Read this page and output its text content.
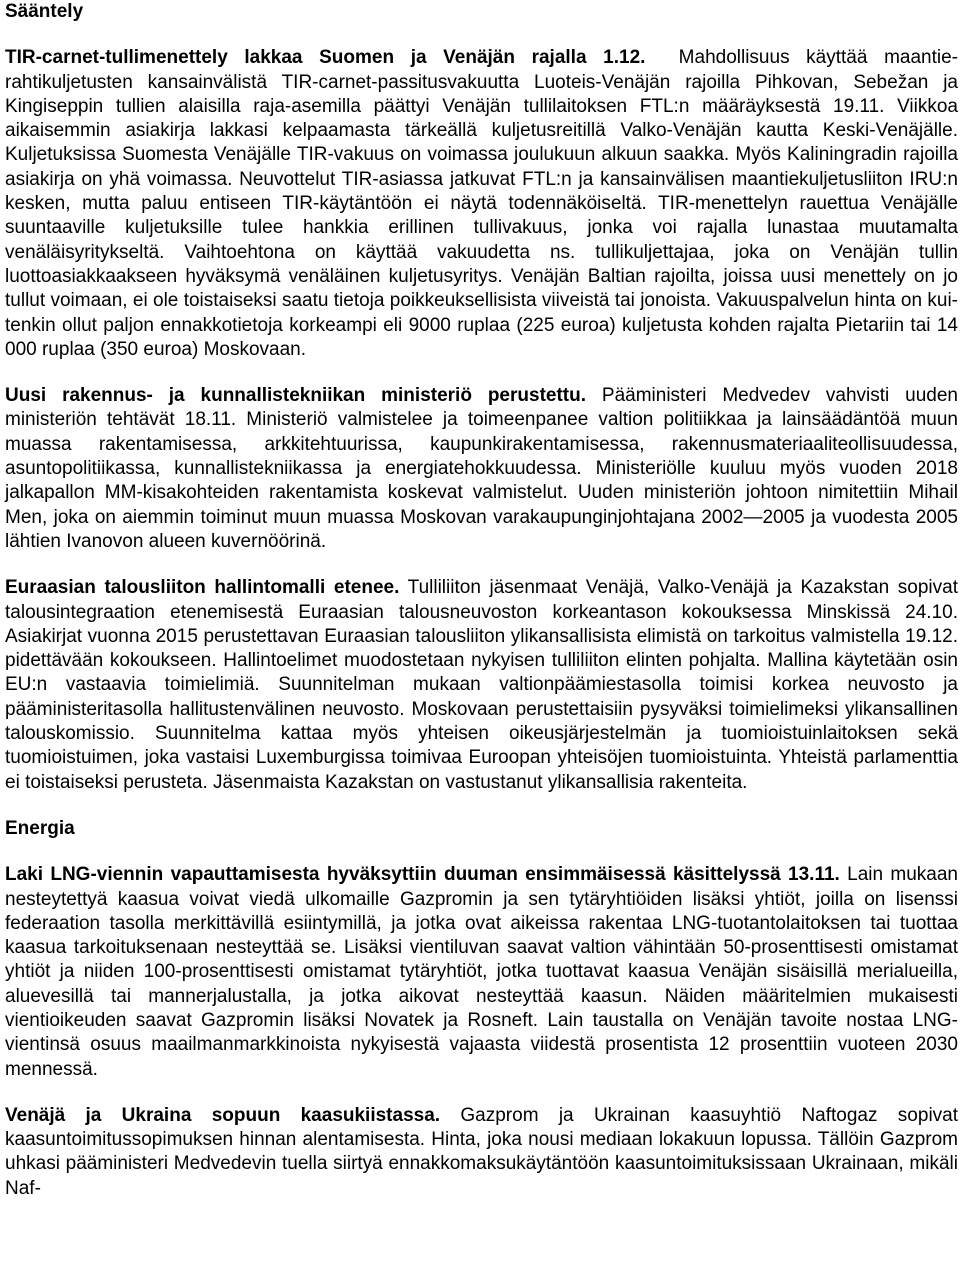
Sääntely

TIR-carnet-tullimenettely lakkaa Suomen ja Venäjän rajalla 1.12. Mahdollisuus käyttää maantierahtikuljetusten kansainvälistä TIR-carnet-passitusvakuutta Luoteis-Venäjän rajoilla Pihkovan, Sebežan ja Kingiseppin tullien alaisilla raja-asemilla päättyi Venäjän tullilaitoksen FTL:n määräyksestä 19.11. Viikkoa aikaisemmin asiakirja lakkasi kelpaamasta tärkeällä kuljetusreitillä Valko-Venäjän kautta Keski-Venäjälle. Kuljetuksissa Suomesta Venäjälle TIR-vakuus on voimassa joulukuun alkuun saakka. Myös Kaliningradin rajoilla asiakirja on yhä voimassa. Neuvottelut TIR-asiassa jatkuvat FTL:n ja kansainvälisen maantiekuljetusliiton IRU:n kesken, mutta paluu entiseen TIR-käytäntöön ei näytä todennäköiseltä. TIR-menettelyn rauettua Venäjälle suuntaaville kuljetuksille tulee hankkia erillinen tullivakuus, jonka voi rajalla lunastaa muutamalta venäläisyritykseltä. Vaihtoehtona on käyttää vakuudetta ns. tullikuljettajaa, joka on Venäjän tullin luottoasiakkaakseen hyväksymä venäläinen kuljetusyritys. Venäjän Baltian rajoilta, joissa uusi menettely on jo tullut voimaan, ei ole toistaiseksi saatu tietoja poikkeuksellisista viiveistä tai jonoista. Vakuuspalvelun hinta on kuitenkin ollut paljon ennakkotietoja korkeampi eli 9000 ruplaa (225 euroa) kuljetusta kohden rajalta Pietariin tai 14 000 ruplaa (350 euroa) Moskovaan.

Uusi rakennus- ja kunnallistekniikan ministeriö perustettu. Pääministeri Medvedev vahvisti uuden ministeriön tehtävät 18.11. Ministeriö valmistelee ja toimeenpanee valtion politiikkaa ja lainsäädäntöä muun muassa rakentamisessa, arkkitehtuurissa, kaupunkirakentamisessa, rakennusmateriaaliteollisuudessa, asuntopolitiikassa, kunnallistekniikassa ja energiatehokkuudessa. Ministeriölle kuuluu myös vuoden 2018 jalkapallon MM-kisakohteiden rakentamista koskevat valmistelut. Uuden ministeriön johtoon nimitettiin Mihail Men, joka on aiemmin toiminut muun muassa Moskovan varakaupunginjohtajana 2002—2005 ja vuodesta 2005 lähtien Ivanovon alueen kuvernöörinä.

Euraasian talousliiton hallintomalli etenee. Tulliliiton jäsenmaat Venäjä, Valko-Venäjä ja Kazakstan sopivat talousintegraation etenemisestä Euraasian talousneuvoston korkeantason kokouksessa Minskissä 24.10. Asiakirjat vuonna 2015 perustettavan Euraasian talousliiton ylikansallisista elimistä on tarkoitus valmistella 19.12. pidettävään kokoukseen. Hallintoelimet muodostetaan nykyisen tulliliiton elinten pohjalta. Mallina käytetään osin EU:n vastaavia toimielimiä. Suunnitelman mukaan valtionpäämiestasolla toimisi korkea neuvosto ja pääministeritasolla hallitustenvälinen neuvosto. Moskovaan perustettaisiin pysyväksi toimielimeksi ylikansallinen talouskomissio. Suunnitelma kattaa myös yhteisen oikeusjärjestelmän ja tuomioistuinlaitoksen sekä tuomioistuimen, joka vastaisi Luxemburgissa toimivaa Euroopan yhteisöjen tuomioistuinta. Yhteistä parlamenttia ei toistaiseksi perusteta. Jäsenmaista Kazakstan on vastustanut ylikansallisia rakenteita.

Energia

Laki LNG-viennin vapauttamisesta hyväksyttiin duuman ensimmäisessä käsittelyssä 13.11. Lain mukaan nesteytettyä kaasua voivat viedä ulkomaille Gazpromin ja sen tytäryhtiöiden lisäksi yhtiöt, joilla on lisenssi federaation tasolla merkittävillä esiintymillä, ja jotka ovat aikeissa rakentaa LNG-tuotantolaitoksen tai tuottaa kaasua tarkoituksenaan nesteyttää se. Lisäksi vientiluvan saavat valtion vähintään 50-prosenttisesti omistamat yhtiöt ja niiden 100-prosenttisesti omistamat tytäryhtiöt, jotka tuottavat kaasua Venäjän sisäisillä merialueilla, aluevesillä tai mannerjalustalla, ja jotka aikovat nesteyttää kaasun. Näiden määritelmien mukaisesti vientioikeuden saavat Gazpromin lisäksi Novatek ja Rosneft. Lain taustalla on Venäjän tavoite nostaa LNG-vientinsä osuus maailmanmarkkinoista nykyisestä vajaasta viidestä prosentista 12 prosenttiin vuoteen 2030 mennessä.

Venäjä ja Ukraina sopuun kaasukiistassa. Gazprom ja Ukrainan kaasuyhtiö Naftogaz sopivat kaasuntoimitussopimuksen hinnan alentamisesta. Hinta, joka nousi mediaan lokakuun lopussa. Tällöin Gazprom uhkasi pääministeri Medvedevin tuella siirtyä ennakkomaksukäytäntöön kaasuntoimituksissaan Ukrainaan, mikäli Naf-
